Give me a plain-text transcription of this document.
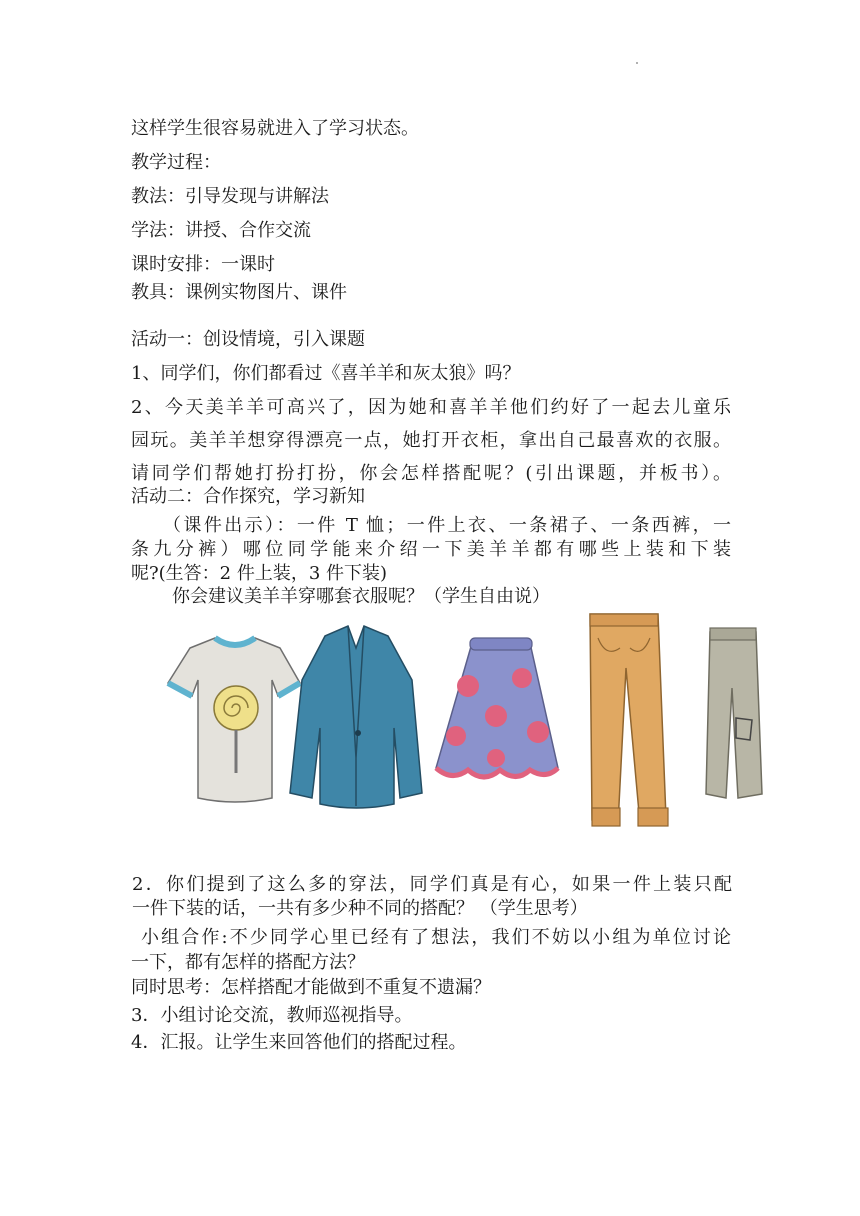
这样学生很容易就进入了学习状态。
教学过程：
教法：引导发现与讲解法
学法：讲授、合作交流
课时安排：一课时
教具：课例实物图片、课件
活动一：创设情境，引入课题
1、同学们，你们都看过《喜羊羊和灰太狼》吗？
2、今天美羊羊可高兴了，因为她和喜羊羊他们约好了一起去儿童乐
园玩。美羊羊想穿得漂亮一点，她打开衣柜，拿出自己最喜欢的衣服。
请同学们帮她打扮打扮，你会怎样搭配呢？(引出课题，并板书）。
活动二：合作探究，学习新知
（课件出示）：一件 T 恤；一件上衣、一条裙子、一条西裤，一
条九分裤）哪位同学能来介绍一下美羊羊都有哪些上装和下装
呢?(生答：2 件上装，3 件下装)
你会建议美羊羊穿哪套衣服呢？（学生自由说）
2．你们提到了这么多的穿法，同学们真是有心，如果一件上装只配
一件下装的话，一共有多少种不同的搭配？ （学生思考）
小组合作:不少同学心里已经有了想法，我们不妨以小组为单位讨论
一下，都有怎样的搭配方法？
同时思考：怎样搭配才能做到不重复不遗漏？
3．小组讨论交流，教师巡视指导。
4．汇报。让学生来回答他们的搭配过程。
